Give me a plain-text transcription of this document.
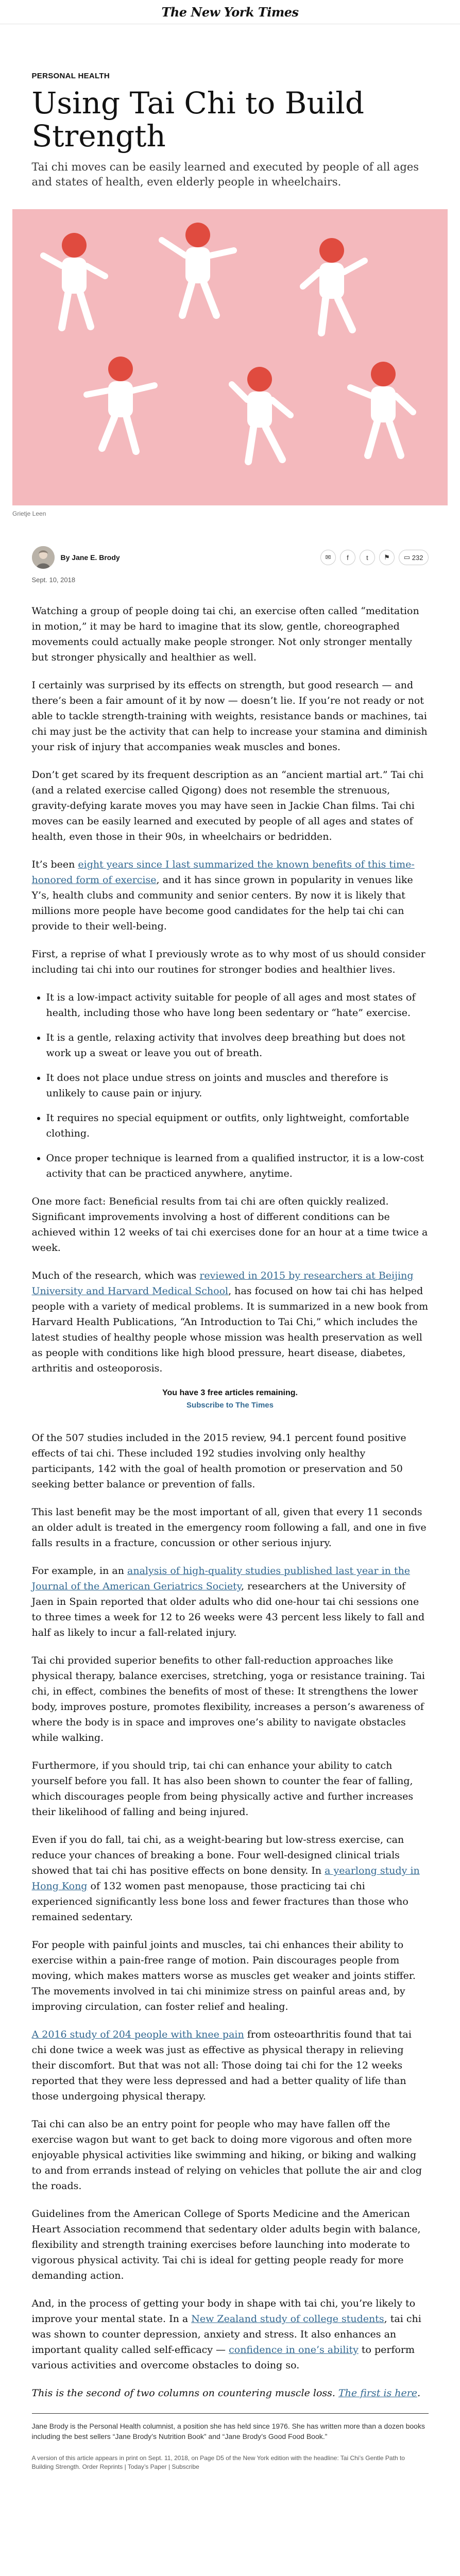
The New York Times
PERSONAL HEALTH
Using Tai Chi to Build Strength

Tai chi moves can be easily learned and executed by people of all ages and states of health, even elderly people in wheelchairs.

Grietje Leen
By Jane E. Brody	✉	f	t	⚑	▭ 232
Sept. 10, 2018

Watching a group of people doing tai chi, an exercise often called “meditation in motion,” it may be hard to imagine that its slow, gentle, choreographed movements could actually make people stronger. Not only stronger mentally but stronger physically and healthier as well.

I certainly was surprised by its effects on strength, but good research — and there’s been a fair amount of it by now — doesn’t lie. If you’re not ready or not able to tackle strength-training with weights, resistance bands or machines, tai chi may just be the activity that can help to increase your stamina and diminish your risk of injury that accompanies weak muscles and bones.

Don’t get scared by its frequent description as an “ancient martial art.” Tai chi (and a related exercise called Qigong) does not resemble the strenuous, gravity-defying karate moves you may have seen in Jackie Chan films. Tai chi moves can be easily learned and executed by people of all ages and states of health, even those in their 90s, in wheelchairs or bedridden.

It’s been eight years since I last summarized the known benefits of this time-honored form of exercise, and it has since grown in popularity in venues like Y’s, health clubs and community and senior centers. By now it is likely that millions more people have become good candidates for the help tai chi can provide to their well-being.

First, a reprise of what I previously wrote as to why most of us should consider including tai chi into our routines for stronger bodies and healthier lives.

• It is a low-impact activity suitable for people of all ages and most states of health, including those who have long been sedentary or “hate” exercise.
• It is a gentle, relaxing activity that involves deep breathing but does not work up a sweat or leave you out of breath.
• It does not place undue stress on joints and muscles and therefore is unlikely to cause pain or injury.
• It requires no special equipment or outfits, only lightweight, comfortable clothing.
• Once proper technique is learned from a qualified instructor, it is a low-cost activity that can be practiced anywhere, anytime.

One more fact: Beneficial results from tai chi are often quickly realized. Significant improvements involving a host of different conditions can be achieved within 12 weeks of tai chi exercises done for an hour at a time twice a week.

Much of the research, which was reviewed in 2015 by researchers at Beijing University and Harvard Medical School, has focused on how tai chi has helped people with a variety of medical problems. It is summarized in a new book from Harvard Health Publications, “An Introduction to Tai Chi,” which includes the latest studies of healthy people whose mission was health preservation as well as people with conditions like high blood pressure, heart disease, diabetes, arthritis and osteoporosis.

You have 3 free articles remaining.
Subscribe to The Times

Of the 507 studies included in the 2015 review, 94.1 percent found positive effects of tai chi. These included 192 studies involving only healthy participants, 142 with the goal of health promotion or preservation and 50 seeking better balance or prevention of falls.

This last benefit may be the most important of all, given that every 11 seconds an older adult is treated in the emergency room following a fall, and one in five falls results in a fracture, concussion or other serious injury.

For example, in an analysis of high-quality studies published last year in the Journal of the American Geriatrics Society, researchers at the University of Jaen in Spain reported that older adults who did one-hour tai chi sessions one to three times a week for 12 to 26 weeks were 43 percent less likely to fall and half as likely to incur a fall-related injury.

Tai chi provided superior benefits to other fall-reduction approaches like physical therapy, balance exercises, stretching, yoga or resistance training. Tai chi, in effect, combines the benefits of most of these: It strengthens the lower body, improves posture, promotes flexibility, increases a person’s awareness of where the body is in space and improves one’s ability to navigate obstacles while walking.

Furthermore, if you should trip, tai chi can enhance your ability to catch yourself before you fall. It has also been shown to counter the fear of falling, which discourages people from being physically active and further increases their likelihood of falling and being injured.

Even if you do fall, tai chi, as a weight-bearing but low-stress exercise, can reduce your chances of breaking a bone. Four well-designed clinical trials showed that tai chi has positive effects on bone density. In a yearlong study in Hong Kong of 132 women past menopause, those practicing tai chi experienced significantly less bone loss and fewer fractures than those who remained sedentary.

For people with painful joints and muscles, tai chi enhances their ability to exercise within a pain-free range of motion. Pain discourages people from moving, which makes matters worse as muscles get weaker and joints stiffer. The movements involved in tai chi minimize stress on painful areas and, by improving circulation, can foster relief and healing.

A 2016 study of 204 people with knee pain from osteoarthritis found that tai chi done twice a week was just as effective as physical therapy in relieving their discomfort. But that was not all: Those doing tai chi for the 12 weeks reported that they were less depressed and had a better quality of life than those undergoing physical therapy.

Tai chi can also be an entry point for people who may have fallen off the exercise wagon but want to get back to doing more vigorous and often more enjoyable physical activities like swimming and hiking, or biking and walking to and from errands instead of relying on vehicles that pollute the air and clog the roads.

Guidelines from the American College of Sports Medicine and the American Heart Association recommend that sedentary older adults begin with balance, flexibility and strength training exercises before launching into moderate to vigorous physical activity. Tai chi is ideal for getting people ready for more demanding action.

And, in the process of getting your body in shape with tai chi, you’re likely to improve your mental state. In a New Zealand study of college students, tai chi was shown to counter depression, anxiety and stress. It also enhances an important quality called self-efficacy — confidence in one’s ability to perform various activities and overcome obstacles to doing so.

This is the second of two columns on countering muscle loss. The first is here.

Jane Brody is the Personal Health columnist, a position she has held since 1976. She has written more than a dozen books including the best sellers “Jane Brody’s Nutrition Book” and “Jane Brody’s Good Food Book.”
A version of this article appears in print on Sept. 11, 2018, on Page D5 of the New York edition with the headline: Tai Chi’s Gentle Path to Building Strength. Order Reprints | Today’s Paper | Subscribe
